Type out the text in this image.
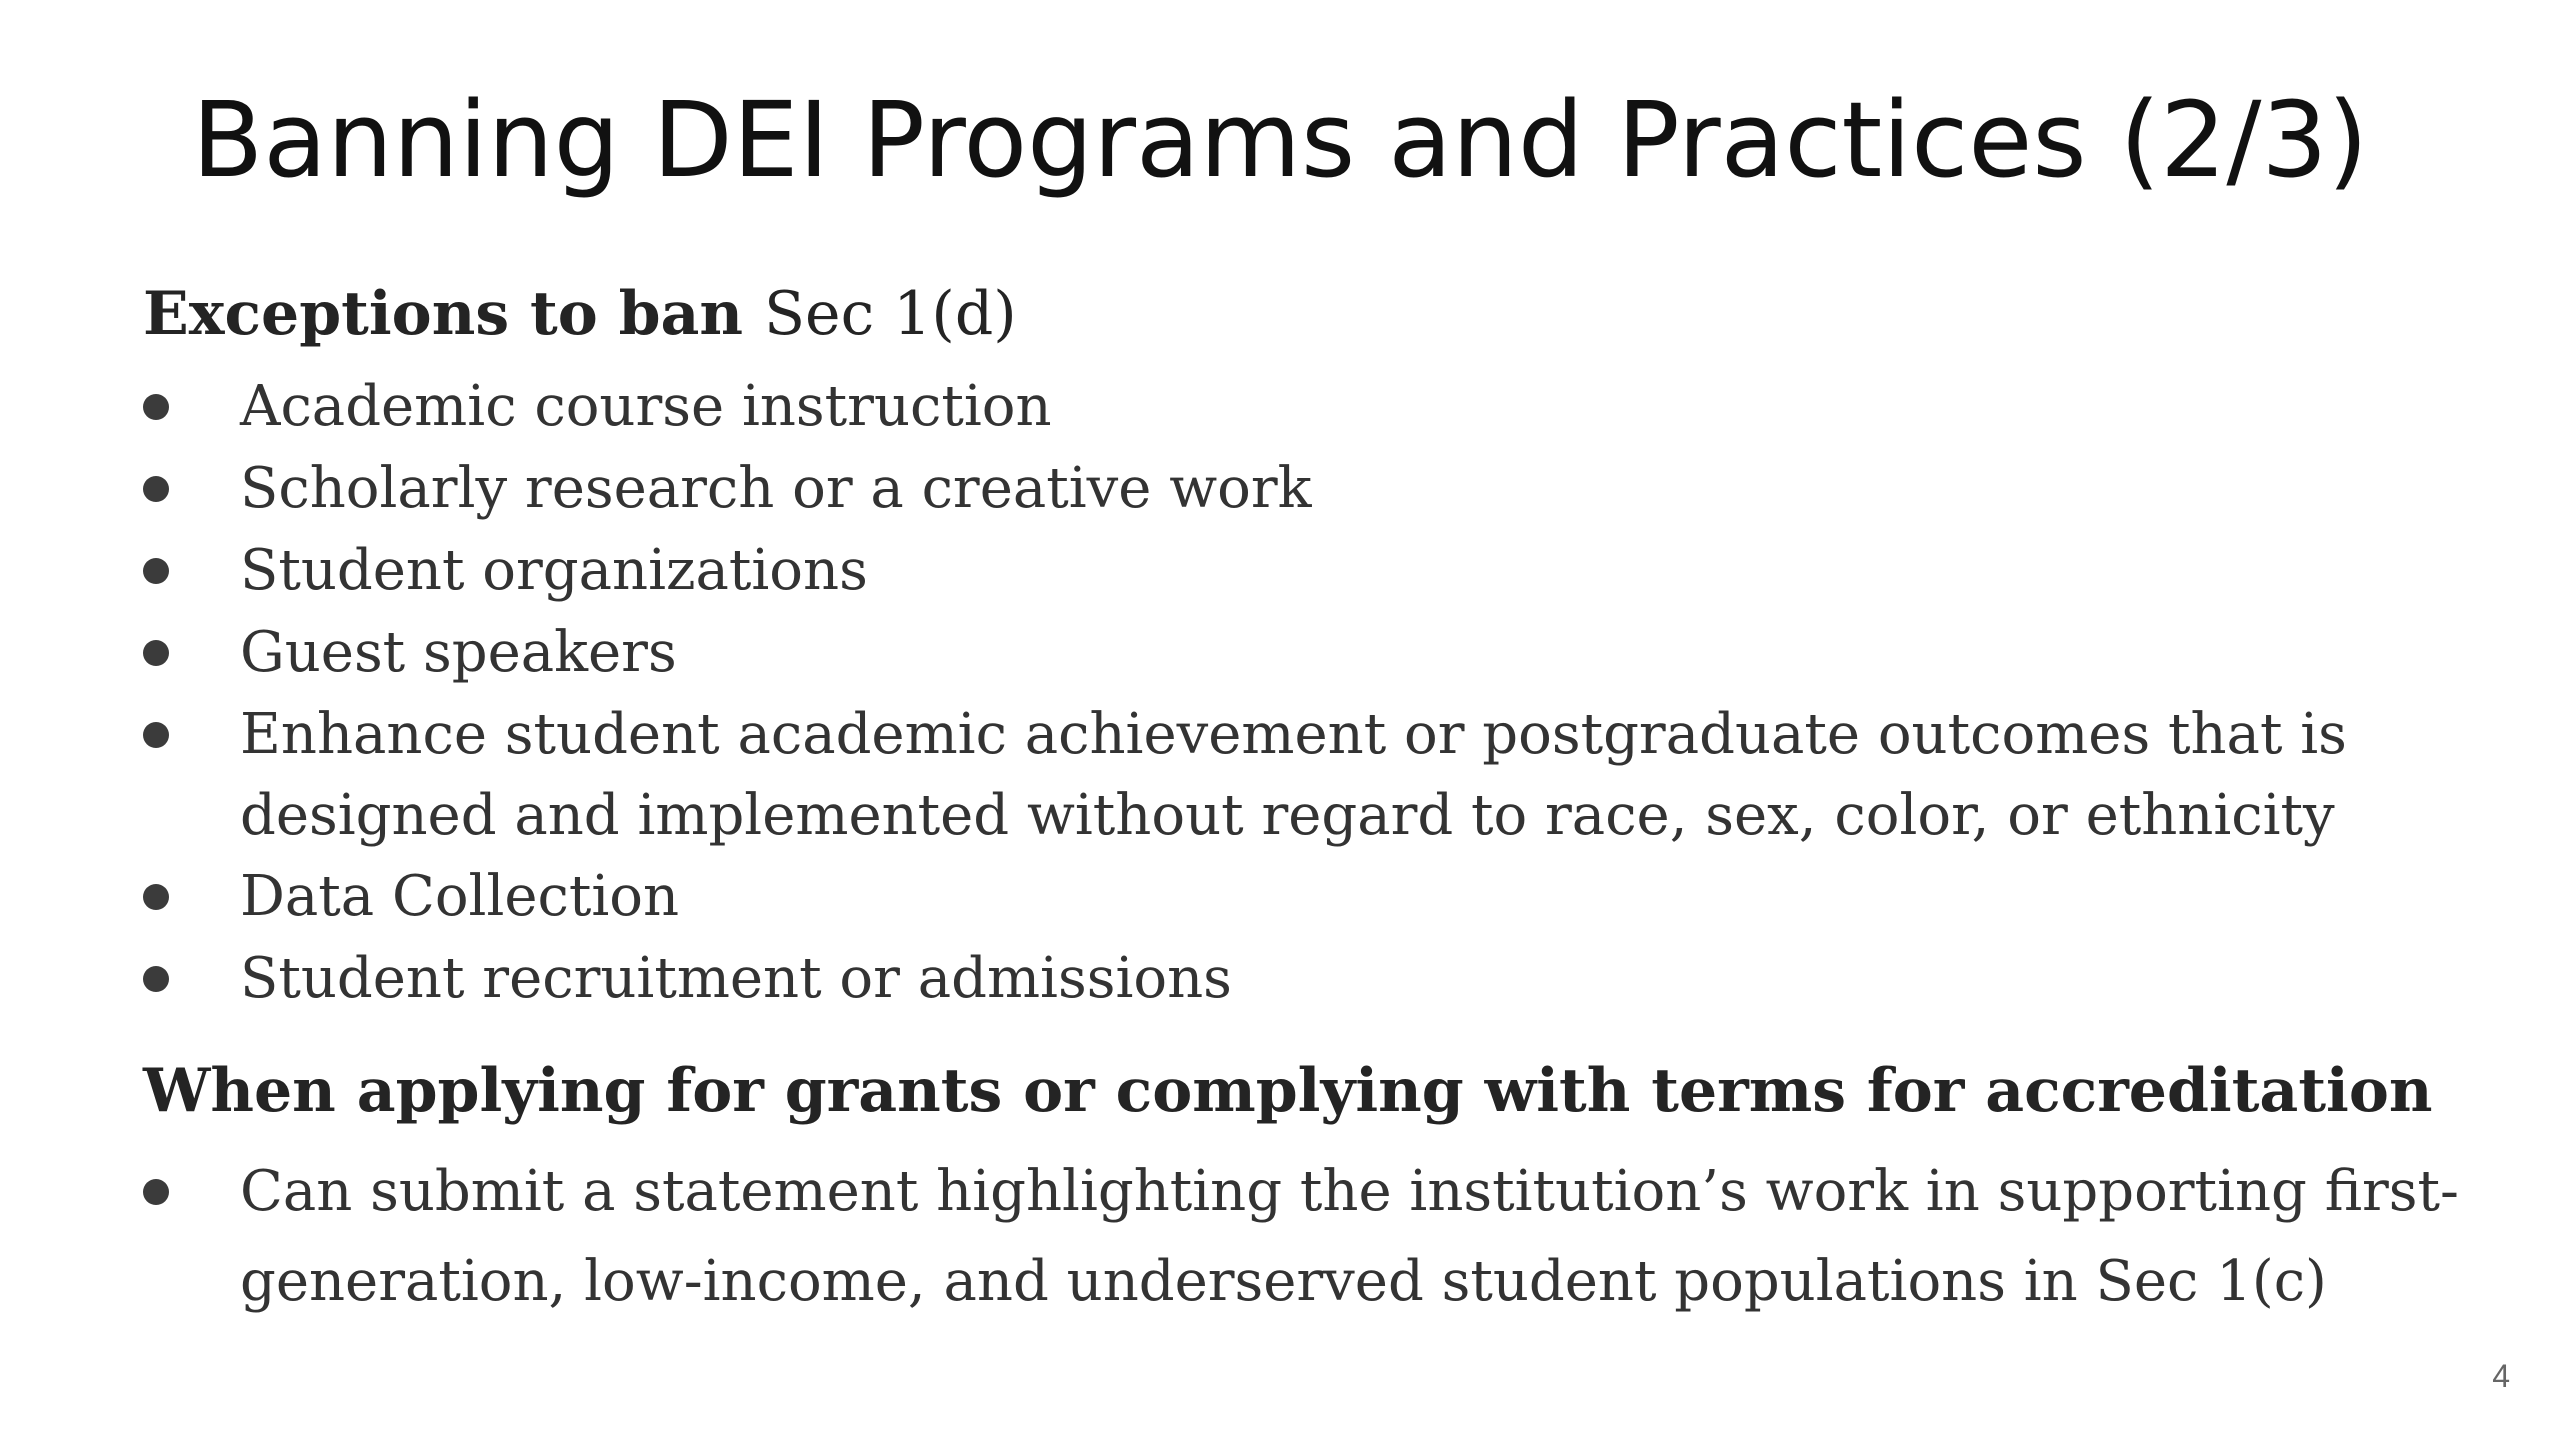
Banning DEI Programs and Practices (2/3)
Exceptions to ban Sec 1(d)
Academic course instruction
Scholarly research or a creative work
Student organizations
Guest speakers
Enhance student academic achievement or postgraduate outcomes that is designed and implemented without regard to race, sex, color, or ethnicity
Data Collection
Student recruitment or admissions
When applying for grants or complying with terms for accreditation
Can submit a statement highlighting the institution’s work in supporting first-generation, low-income, and underserved student populations in Sec 1(c)
4
